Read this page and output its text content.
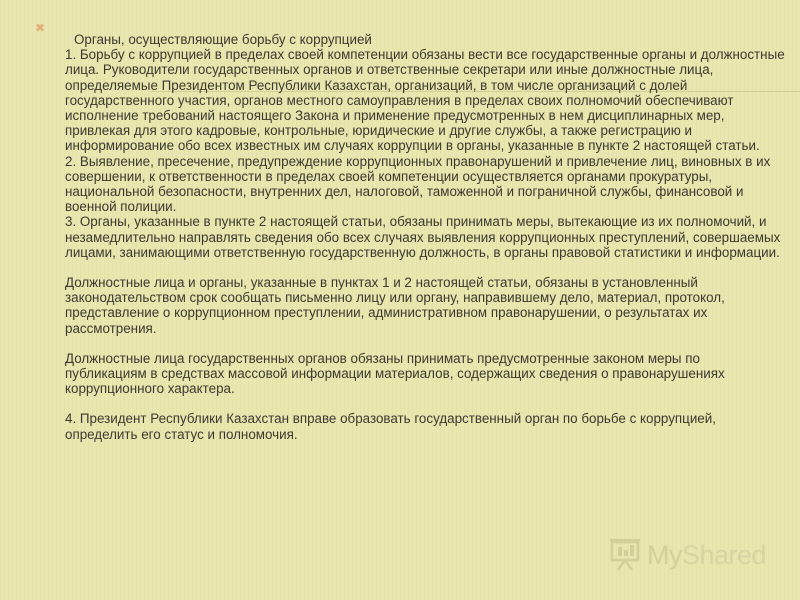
✖
Органы, осуществляющие борьбу с коррупцией

1. Борьбу с коррупцией в пределах своей компетенции обязаны вести все государственные органы и должностные лица. Руководители государственных органов и ответственные секретари или иные должностные лица, определяемые Президентом Республики Казахстан, организаций, в том числе организаций с долей государственного участия, органов местного самоуправления в пределах своих полномочий обеспечивают исполнение требований настоящего Закона и применение предусмотренных в нем дисциплинарных мер, привлекая для этого кадровые, контрольные, юридические и другие службы, а также регистрацию и информирование обо всех известных им случаях коррупции в органы, указанные в пункте 2 настоящей статьи.

2. Выявление, пресечение, предупреждение коррупционных правонарушений и привлечение лиц, виновных в их совершении, к ответственности в пределах своей компетенции осуществляется органами прокуратуры, национальной безопасности, внутренних дел, налоговой, таможенной и пограничной службы, финансовой и военной полиции.

3. Органы, указанные в пункте 2 настоящей статьи, обязаны принимать меры, вытекающие из их полномочий, и незамедлительно направлять сведения обо всех случаях выявления коррупционных преступлений, совершаемых лицами, занимающими ответственную государственную должность, в органы правовой статистики и информации.

Должностные лица и органы, указанные в пунктах 1 и 2 настоящей статьи, обязаны в установленный законодательством срок сообщать письменно лицу или органу, направившему дело, материал, протокол, представление о коррупционном преступлении, административном правонарушении, о результатах их рассмотрения.

Должностные лица государственных органов обязаны принимать предусмотренные законом меры по публикациям в средствах массовой информации материалов, содержащих сведения о правонарушениях коррупционного характера.

4. Президент Республики Казахстан вправе образовать государственный орган по борьбе с коррупцией, определить его статус и полномочия.

MyShared
